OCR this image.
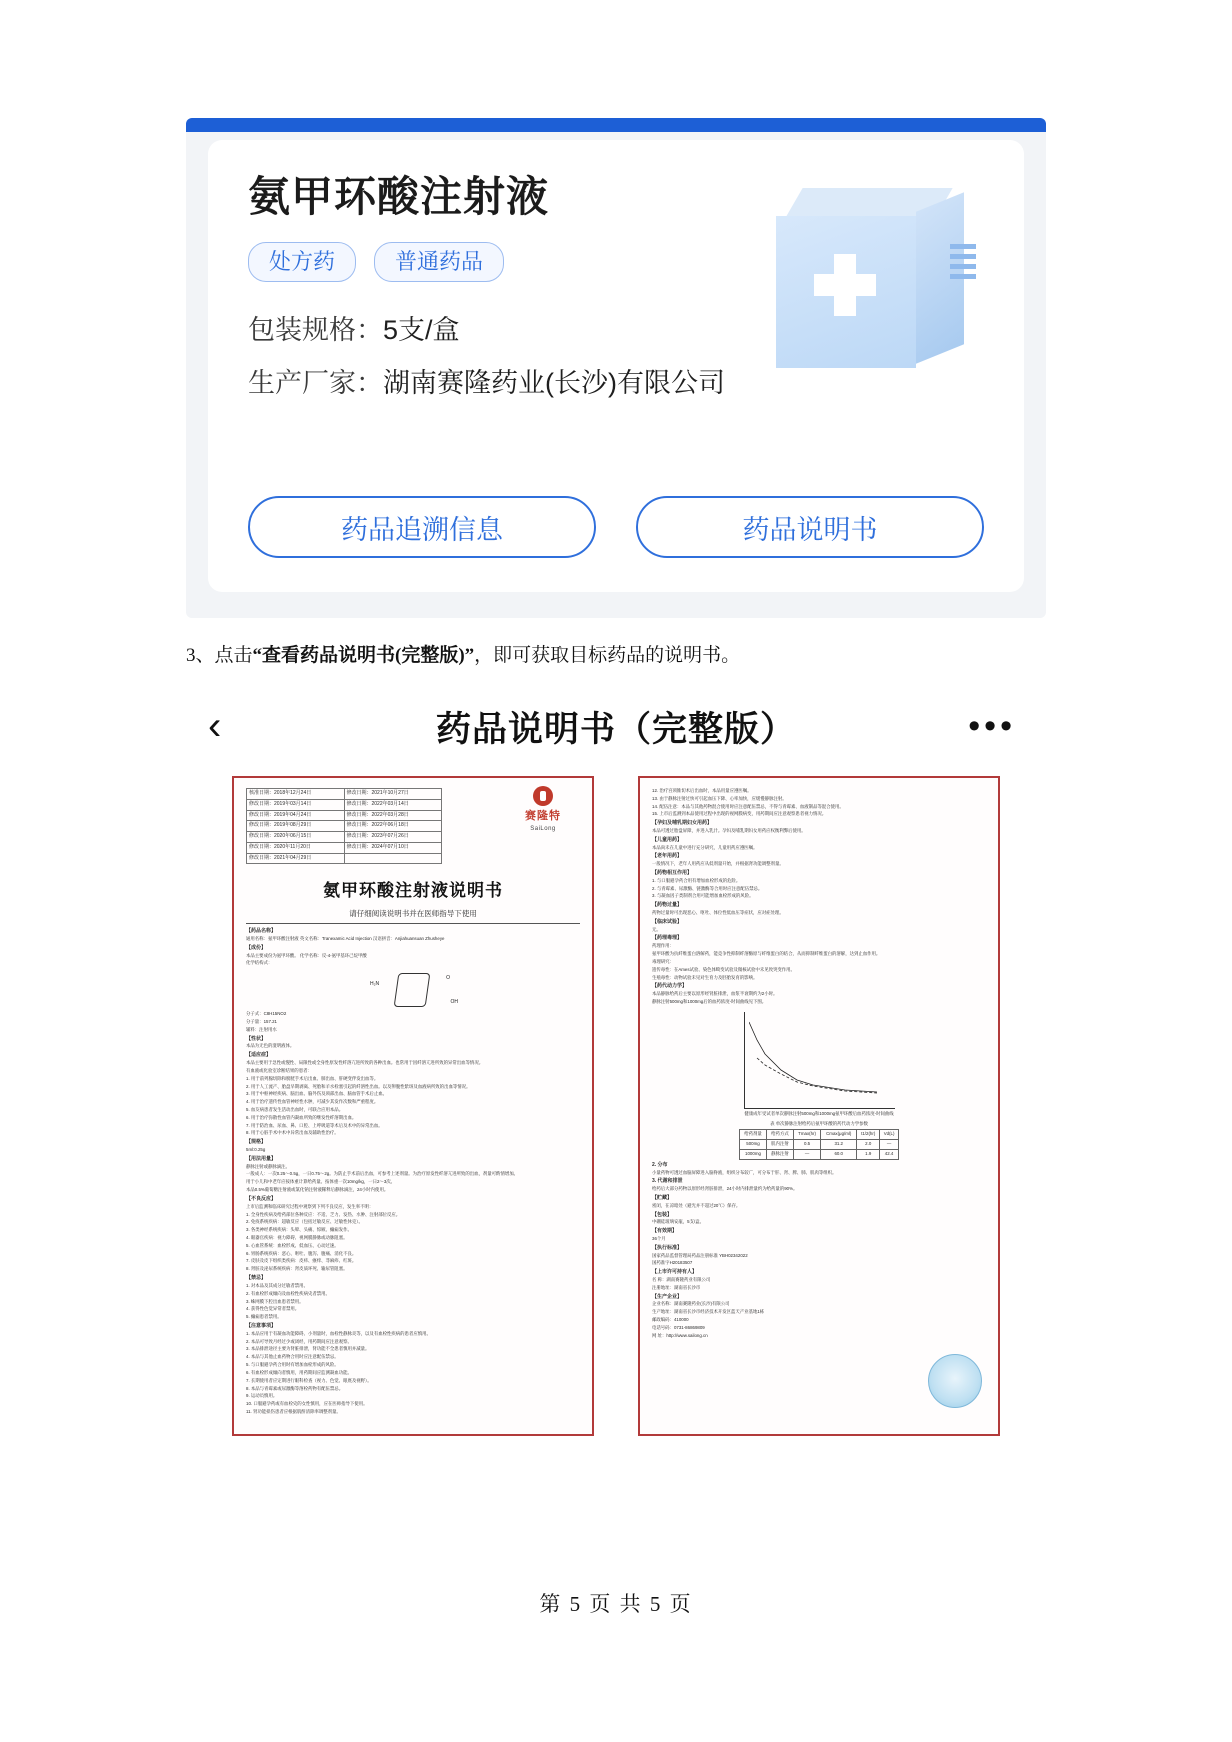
氨甲环酸注射液
处方药	普通药品
包装规格：5支/盒
生产厂家：湖南赛隆药业(长沙)有限公司
药品追溯信息	药品说明书
3、点击“查看药品说明书(完整版)”，即可获取目标药品的说明书。
‹	药品说明书（完整版）	•••
赛隆特
SaiLong
核准日期：2018年12月24日	修改日期：2021年10月27日
修改日期：2019年03月14日	修改日期：2022年03月14日
修改日期：2019年04月24日	修改日期：2022年03月28日
修改日期：2019年08月29日	修改日期：2022年06月18日
修改日期：2020年06月15日	修改日期：2023年07月26日
修改日期：2020年11月20日	修改日期：2024年07月10日
修改日期：2021年04月29日	
氨甲环酸注射液说明书
请仔细阅读说明书并在医师指导下使用
【药品名称】
通用名称：氨甲环酸注射液 英文名称：Tranexamic Acid Injection 汉语拼音：Anjiahuansuan Zhusheye
【成份】
本品主要成份为氨甲环酸。 化学名称：反-4-氨甲基环己烷甲酸
化学结构式：
H₂N
OH
O
分子式：C8H15NO2
分子量：157.21
辅料：注射用水
【性状】
本品为无色的澄明液体。
【适应症】
本品主要用于急性或慢性、局限性或全身性原发性纤溶亢进所致的各种出血。也常用于因纤溶亢进所致的异常出血等情况。
有血液或化验室诊断结果的患者：
1. 用于前列腺切除和膀胱手术后出血、肺出血、肝硬变伴发出血等。
2. 用于人工流产、胎盘早期剥离、死胎和羊水栓塞引起的纤溶性出血。以及卵腹性紫斑及血液病所致的出血等情况。
3. 用于中枢神经疾病、脑出血、脑外伤及颈部出血、脑血管手术后止血。
4. 用于治疗遗传性血管神经性水肿，可减少其发作次数和严重程度。
5. 血友病患者发生活动出血时，可联合应用本品。
6. 用于治疗弥散性血管内凝血所致的继发性纤溶期出血。
7. 用于防治血、尿血、鼻、口腔、上呼吸道等术后及术中的异常出血。
8. 用于心脏手术中术中异常出血及辅助性治疗。
【规格】
5ml:0.25g
【用法用量】
静脉注射或静脉滴注。
一般成人：一次0.25～0.5g，一日0.75～2g。为防止手术前后出血，可参考上述剂量。为治疗原发性纤溶亢进所致的出血，剂量可酌情增加。
用于小儿和中老年应按体重计算给药量。按体重一次10mg/kg，一日2～3次。
本品0.5%葡萄糖注射液或氯化钠注射液稀释后静脉滴注，24小时内使用。
【不良反应】
上市后监测和临床研究过程中观察到下列不良反应，发生率不明：
1. 全身性疾病及给药部位各种反应：不适、乏力、发热、水肿、注射部位反应。
2. 免疫系统疾病：超敏反应（包括过敏反应、过敏性休克）。
3. 各类神经系统疾病：头晕、头痛、惊厥、癫痫发作。
4. 眼器官疾病：视力障碍、视网膜静脉或动脉阻塞。
5. 心血管系统：血栓形成、低血压、心动过速。
6. 胃肠系统疾病：恶心、呕吐、腹泻、腹痛、消化不良。
7. 皮肤及皮下组织类疾病：皮疹、瘙痒、荨麻疹、红斑。
8. 肾脏及泌尿系统疾病：肾皮质坏死、输尿管阻塞。
【禁忌】
1. 对本品及其成分过敏者禁用。
2. 有血栓形成倾向及血栓性疾病史者禁用。
3. 蛛网膜下腔出血患者禁用。
4. 获得性色觉异常者禁用。
5. 癫痫患者禁用。
【注意事项】
1. 本品应用于有凝血功能障碍、小剂量时，血栓性静脉炎等，以及有血栓性疾病的患者应慎用。
2. 本品可导致月经过少或闭经，用药期间应注意观察。
3. 本品排泄途径主要为肾脏排泄，肾功能不全患者慎用并减量。
4. 本品与其他止血药物合用时应注意配伍禁忌。
5. 与口服避孕药合用时有增加血栓形成的风险。
6. 有血栓形成倾向者慎用，用药期间应监测凝血功能。
7. 长期使用者应定期进行眼科检查（视力、色觉、眼底及视野）。
8. 本品与青霉素或尿激酶等溶栓药物有配伍禁忌。
9. 运动员慎用。
10. 口服避孕药或有血栓史的女性慎用，应在医师指导下使用。
11. 肾功能损伤患者应根据肌酐清除率调整剂量。
12. 治疗宫颈锥切术后出血时，本品用量应遵医嘱。
13. 由于静脉注射过快可引起血压下降、心率加快，应缓慢静脉注射。
14. 配伍注意：本品与其他药物混合使用时应注意配伍禁忌，不得与青霉素、血液制品等混合使用。
15. 上市后监测到本品使用过程中出现的视网膜病变，用药期间应注意观察患者视力情况。
【孕妇及哺乳期妇女用药】
本品可透过胎盘屏障，并进入乳汁。孕妇及哺乳期妇女用药应权衡利弊后使用。
【儿童用药】
本品尚未在儿童中进行充分研究，儿童用药应遵医嘱。
【老年用药】
一般情况下，老年人用药应从低剂量开始，并根据肾功能调整剂量。
【药物相互作用】
1. 与口服避孕药合用有增加血栓形成的危险。
2. 与青霉素、尿激酶、链激酶等合用时应注意配伍禁忌。
3. 与凝血因子类制剂合用可能增加血栓形成的风险。
【药物过量】
药物过量时可出现恶心、呕吐、体位性低血压等症状，应对症处理。
【临床试验】
无。
【药理毒理】
药理作用：
氨甲环酸为抗纤维蛋白溶解药，能竞争性抑制纤溶酶原与纤维蛋白的结合，从而抑制纤维蛋白的溶解，达到止血作用。
毒理研究：
遗传毒性：在Ames试验、染色体畸变试验及微核试验中未见致突变作用。
生殖毒性：动物试验未见对生育力及胚胎发育的影响。
【药代动力学】
本品静脉给药后主要以原形经肾脏排泄，血浆半衰期约为2小时。
静脉注射500mg和1000mg后的血药浓度-时间曲线见下图。
健康成年受试者单次静脉注射500mg和1000mg氨甲环酸后血药浓度-时间曲线
表 单次静脉注射给药后氨甲环酸的药代动力学参数
给药剂量	给药方式	Tmax(hr)	Cmax(μg/ml)	t1/2(hr)	Vd(L)
500mg	肌内注射	0.5	31.2	2.0	—
1000mg	静脉注射	—	60.0	1.9	42.4
2. 分布
小量药物可透过血脑屏障进入脑脊液，组织分布较广，可分布于肝、肾、脾、肺、肌肉等组织。
3. 代谢和排泄
给药后大部分药物以原形经肾脏排泄，24小时内排泄量约为给药量的90%。
【贮藏】
密闭，在凉暗处（避光并不超过20℃）保存。
【包装】
中硼硅玻璃安瓿，5支/盒。
【有效期】
36个月
【执行标准】
国家药品监督管理局药品注册标准 YBH02342022
国药准字H20183507
【上市许可持有人】
名 称：湖南赛隆药业有限公司
注册地址：湖南省长沙市
【生产企业】
企业名称：湖南赛隆药业(长沙)有限公司
生产地址：湖南省长沙市经济技术开发区蓝天产业基地1栋
邮政编码：410000
电话号码：0731-86869809
网 址：http://www.sailong.cn
第 5 页 共 5 页
